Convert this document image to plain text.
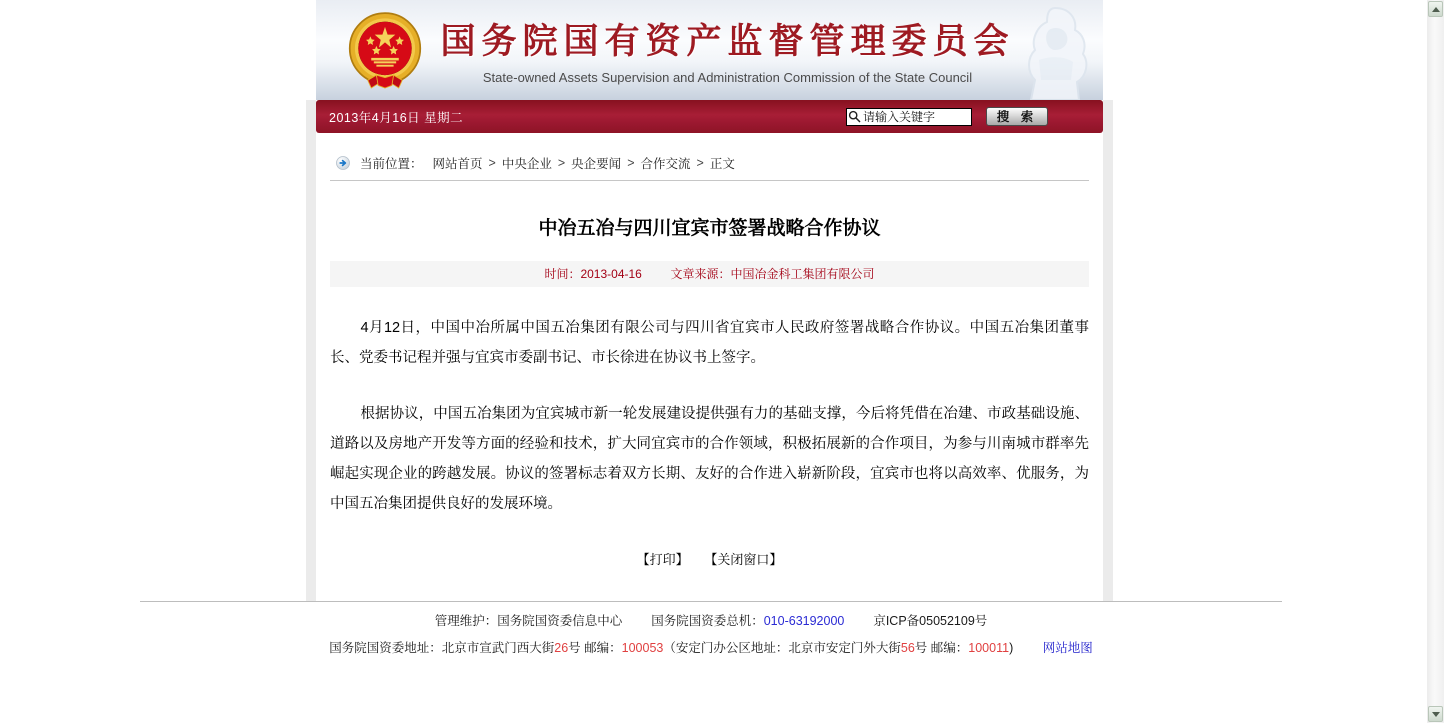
国务院国有资产监督管理委员会
State-owned Assets Supervision and Administration Commission of the State Council
2013年4月16日 星期二
请输入关键字	搜 索
当前位置： 网站首页 > 中央企业 > 央企要闻 > 合作交流 > 正文
中冶五冶与四川宜宾市签署战略合作协议
时间：2013-04-16 文章来源：中国冶金科工集团有限公司

4月12日，中国中冶所属中国五冶集团有限公司与四川省宜宾市人民政府签署战略合作协议。中国五冶集团董事长、党委书记程并强与宜宾市委副书记、市长徐进在协议书上签字。

根据协议，中国五冶集团为宜宾城市新一轮发展建设提供强有力的基础支撑，今后将凭借在冶建、市政基础设施、道路以及房地产开发等方面的经验和技术，扩大同宜宾市的合作领域，积极拓展新的合作项目，为参与川南城市群率先崛起实现企业的跨越发展。协议的签署标志着双方长期、友好的合作进入崭新阶段，宜宾市也将以高效率、优服务，为中国五冶集团提供良好的发展环境。

【打印】 【关闭窗口】
管理维护：国务院国资委信息中心 国务院国资委总机：010-63192000 京ICP备05052109号
国务院国资委地址：北京市宣武门西大街26号 邮编：100053（安定门办公区地址：北京市安定门外大街56号 邮编：100011) 网站地图
